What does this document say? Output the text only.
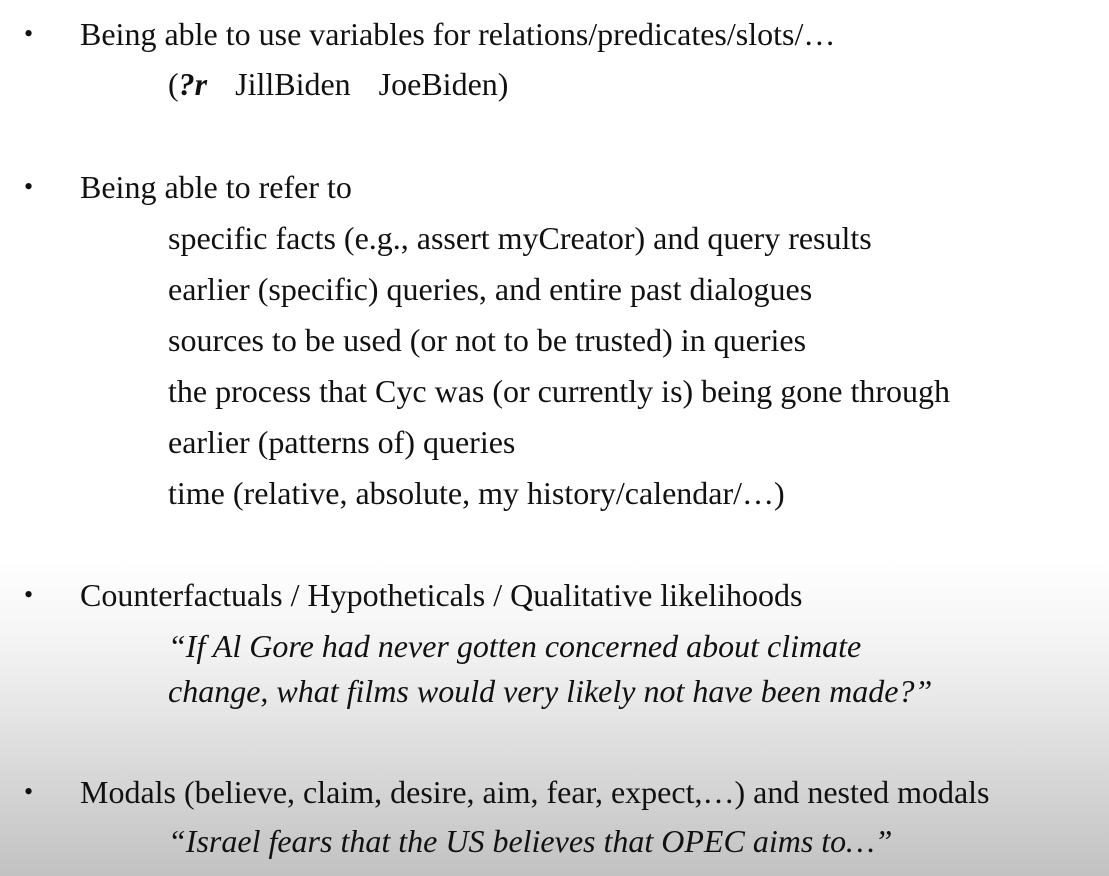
• Being able to use variables for relations/predicates/slots/…
(?r JillBiden JoeBiden)
• Being able to refer to
specific facts (e.g., assert myCreator) and query results
earlier (specific) queries, and entire past dialogues
sources to be used (or not to be trusted) in queries
the process that Cyc was (or currently is) being gone through
earlier (patterns of) queries
time (relative, absolute, my history/calendar/…)
• Counterfactuals / Hypotheticals / Qualitative likelihoods
“If Al Gore had never gotten concerned about climate
change, what films would very likely not have been made?”
• Modals (believe, claim, desire, aim, fear, expect,…) and nested modals
“Israel fears that the US believes that OPEC aims to…”
